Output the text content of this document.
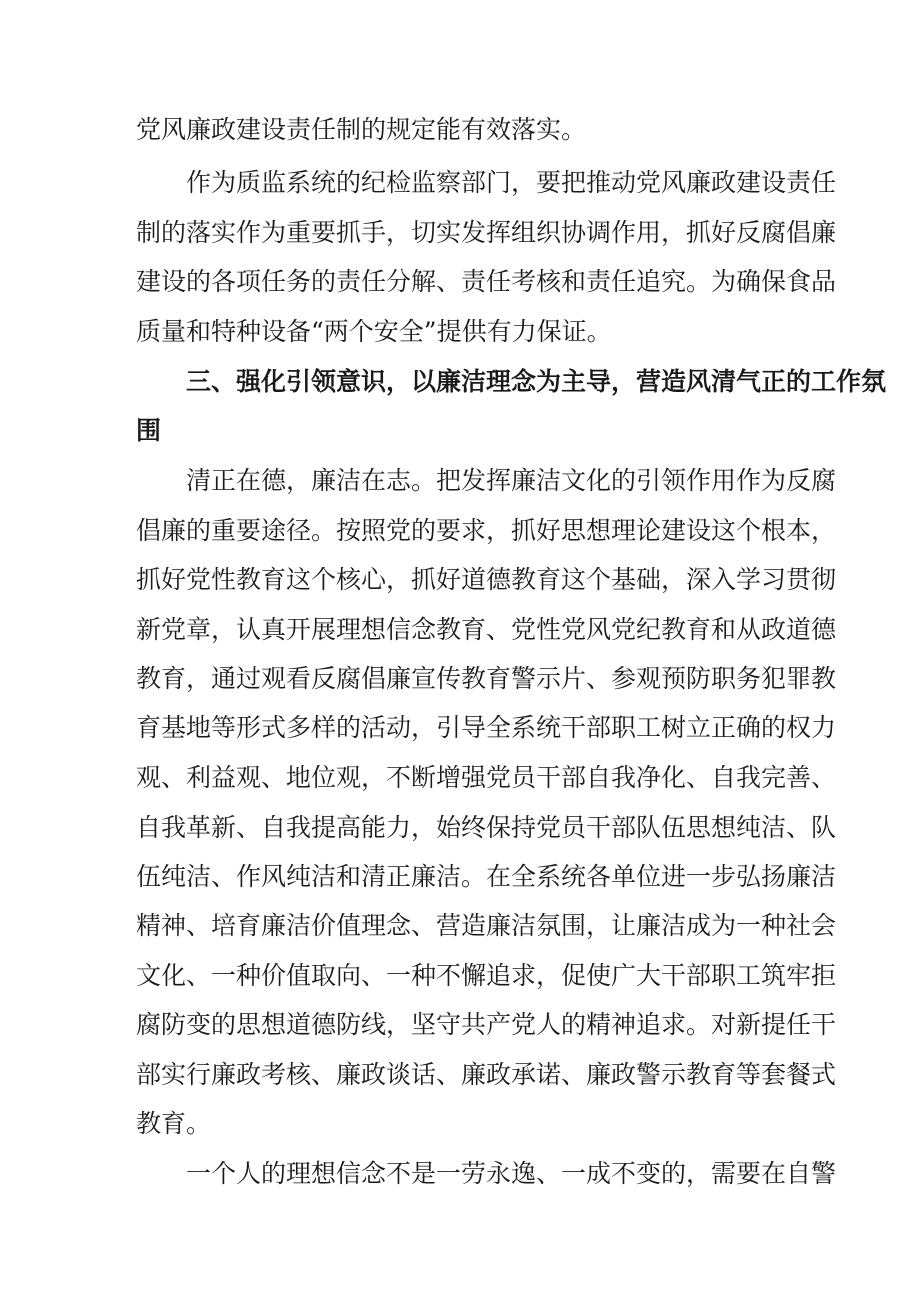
党风廉政建设责任制的规定能有效落实。
作为质监系统的纪检监察部门，要把推动党风廉政建设责任
制的落实作为重要抓手，切实发挥组织协调作用，抓好反腐倡廉
建设的各项任务的责任分解、责任考核和责任追究。为确保食品
质量和特种设备“两个安全”提供有力保证。
三、强化引领意识，以廉洁理念为主导，营造风清气正的工作氛
围
清正在德，廉洁在志。把发挥廉洁文化的引领作用作为反腐
倡廉的重要途径。按照党的要求，抓好思想理论建设这个根本，
抓好党性教育这个核心，抓好道德教育这个基础，深入学习贯彻
新党章，认真开展理想信念教育、党性党风党纪教育和从政道德
教育，通过观看反腐倡廉宣传教育警示片、参观预防职务犯罪教
育基地等形式多样的活动，引导全系统干部职工树立正确的权力
观、利益观、地位观，不断增强党员干部自我净化、自我完善、
自我革新、自我提高能力，始终保持党员干部队伍思想纯洁、队
伍纯洁、作风纯洁和清正廉洁。在全系统各单位进一步弘扬廉洁
精神、培育廉洁价值理念、营造廉洁氛围，让廉洁成为一种社会
文化、一种价值取向、一种不懈追求，促使广大干部职工筑牢拒
腐防变的思想道德防线，坚守共产党人的精神追求。对新提任干
部实行廉政考核、廉政谈话、廉政承诺、廉政警示教育等套餐式
教育。
一个人的理想信念不是一劳永逸、一成不变的，需要在自警
